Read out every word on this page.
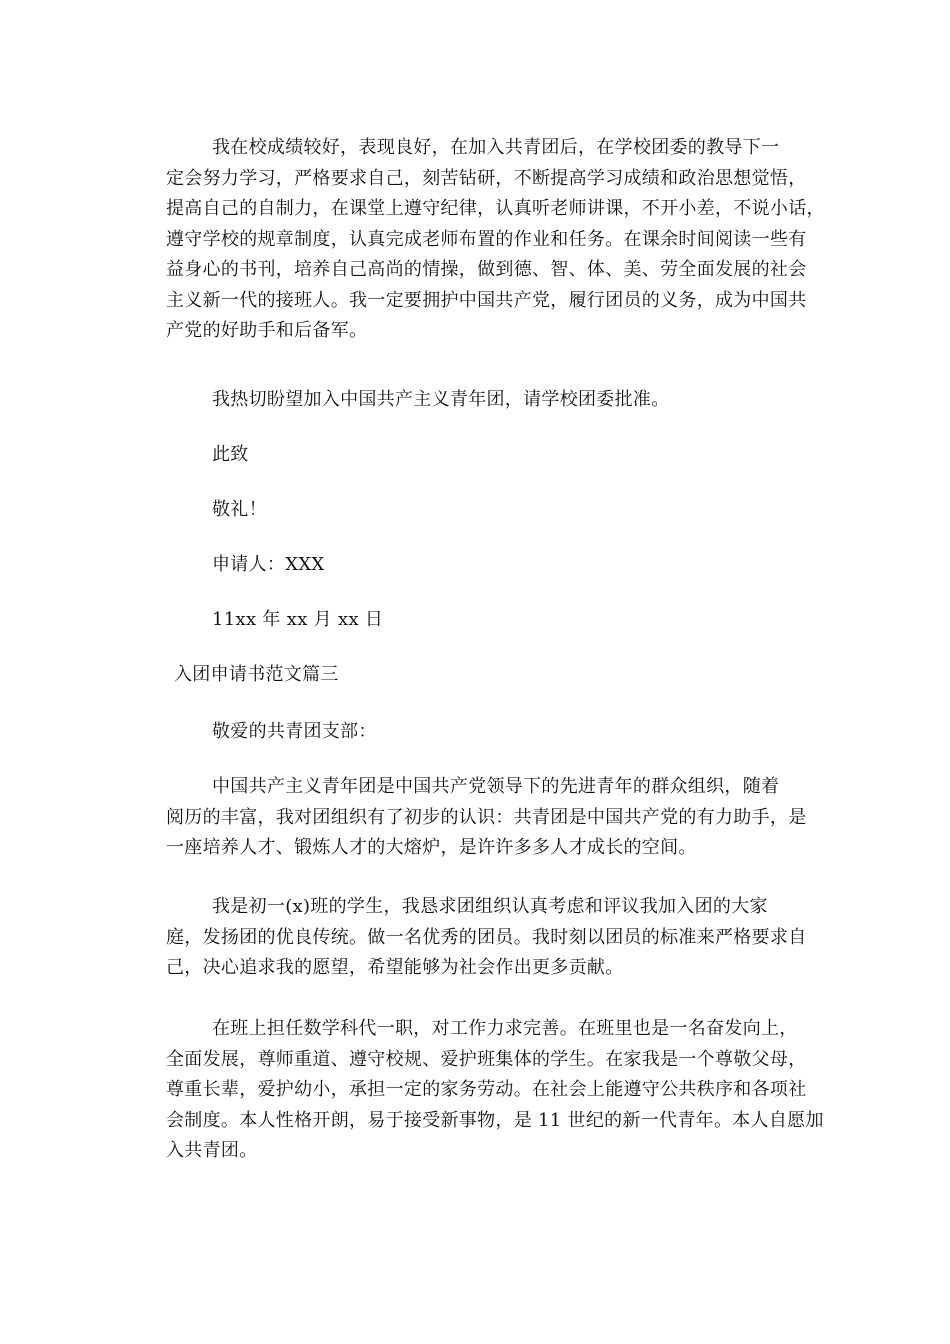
我在校成绩较好，表现良好，在加入共青团后，在学校团委的教导下一
定会努力学习，严格要求自己，刻苦钻研，不断提高学习成绩和政治思想觉悟，
提高自己的自制力，在课堂上遵守纪律，认真听老师讲课，不开小差，不说小话，
遵守学校的规章制度，认真完成老师布置的作业和任务。在课余时间阅读一些有
益身心的书刊，培养自己高尚的情操，做到德、智、体、美、劳全面发展的社会
主义新一代的接班人。我一定要拥护中国共产党，履行团员的义务，成为中国共
产党的好助手和后备军。

我热切盼望加入中国共产主义青年团，请学校团委批准。

此致

敬礼！

申请人：XXX

11xx 年 xx 月 xx 日

入团申请书范文篇三

敬爱的共青团支部：

中国共产主义青年团是中国共产党领导下的先进青年的群众组织，随着
阅历的丰富，我对团组织有了初步的认识：共青团是中国共产党的有力助手，是
一座培养人才、锻炼人才的大熔炉，是许许多多人才成长的空间。
我是初一(x)班的学生，我恳求团组织认真考虑和评议我加入团的大家
庭，发扬团的优良传统。做一名优秀的团员。我时刻以团员的标准来严格要求自
己，决心追求我的愿望，希望能够为社会作出更多贡献。
在班上担任数学科代一职，对工作力求完善。在班里也是一名奋发向上，
全面发展，尊师重道、遵守校规、爱护班集体的学生。在家我是一个尊敬父母，
尊重长辈，爱护幼小，承担一定的家务劳动。在社会上能遵守公共秩序和各项社
会制度。本人性格开朗，易于接受新事物，是 11 世纪的新一代青年。本人自愿加
入共青团。
